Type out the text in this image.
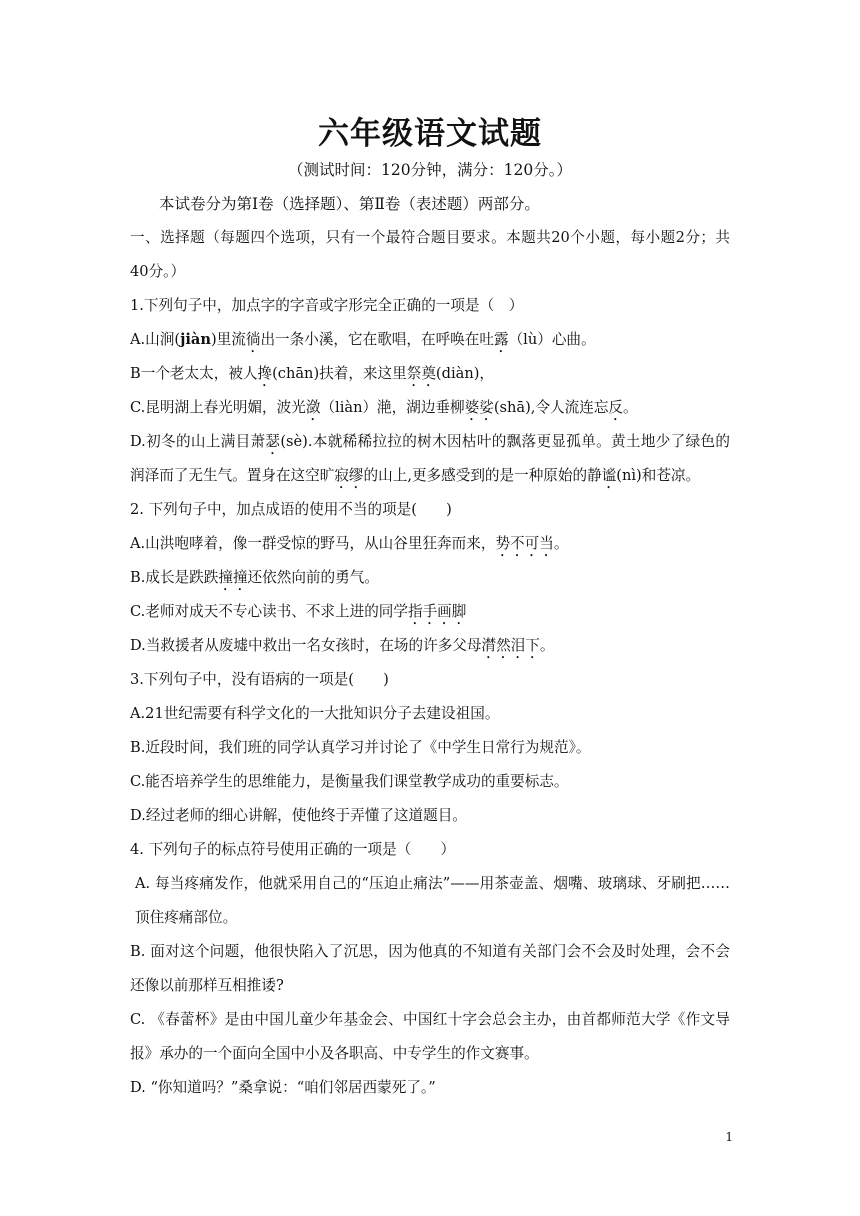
六年级语文试题
（测试时间：120分钟，满分：120分。）
本试卷分为第Ⅰ卷（选择题）、第Ⅱ卷（表述题）两部分。
一、选择题（每题四个选项，只有一个最符合题目要求。本题共20个小题，每小题2分；共40分。）
1.下列句子中，加点字的字音或字形完全正确的一项是（　）
A.山涧(jiàn)里流徜出一条小溪，它在歌唱，在呼唤在吐露（lù）心曲。
B一个老太太，被人搀(chān)扶着，来这里祭奠(diàn)，
C.昆明湖上春光明媚，波光潋（liàn）滟，湖边垂柳婆娑(shā),令人流连忘反。
D.初冬的山上满目萧瑟(sè).本就稀稀拉拉的树木因枯叶的飘落更显孤单。黄土地少了绿色的润泽而了无生气。置身在这空旷寂缪的山上,更多感受到的是一种原始的静谧(nì)和苍凉。
2. 下列句子中，加点成语的使用不当的项是(　　)
A.山洪咆哮着，像一群受惊的野马，从山谷里狂奔而来，势不可当。
B.成长是跌跌撞撞还依然向前的勇气。
C.老师对成天不专心读书、不求上进的同学指手画脚
D.当救援者从废墟中救出一名女孩时，在场的许多父母潸然泪下。
3.下列句子中，没有语病的一项是(　　)
A.21世纪需要有科学文化的一大批知识分子去建设祖国。
B.近段时间，我们班的同学认真学习并讨论了《中学生日常行为规范》。
C.能否培养学生的思维能力，是衡量我们课堂教学成功的重要标志。
D.经过老师的细心讲解，使他终于弄懂了这道题目。
4. 下列句子的标点符号使用正确的一项是（　　）
A. 每当疼痛发作，他就采用自己的“压迫止痛法”——用茶壶盖、烟嘴、玻璃球、牙刷把……顶住疼痛部位。
B. 面对这个问题，他很快陷入了沉思，因为他真的不知道有关部门会不会及时处理，会不会还像以前那样互相推诿?
C. 《春蕾杯》是由中国儿童少年基金会、中国红十字会总会主办，由首都师范大学《作文导报》承办的一个面向全国中小及各职高、中专学生的作文赛事。
D. “你知道吗？”桑拿说：“咱们邻居西蒙死了。”
1
